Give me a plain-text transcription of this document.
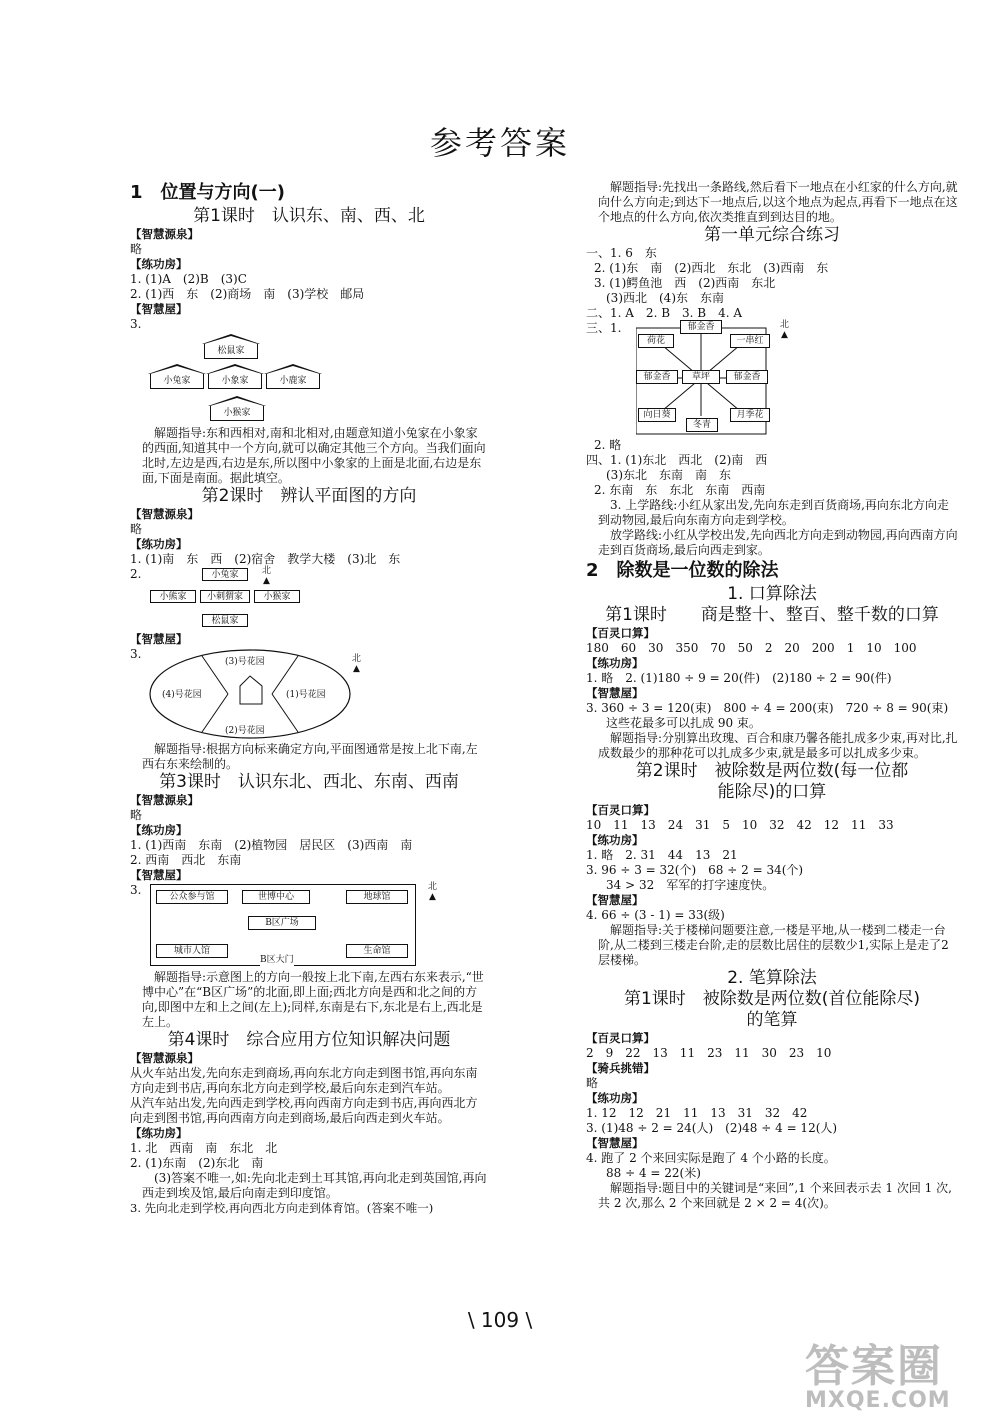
参考答案
1　位置与方向(一)
第1课时　认识东、南、西、北
【智慧源泉】
略
【练功房】
1. (1)A　(2)B　(3)C
2. (1)西　东　(2)商场　南　(3)学校　邮局
【智慧屋】
3.
松鼠家
小兔家	小象家	小鹿家
小猴家
解题指导:东和西相对,南和北相对,由题意知道小兔家在小象家的西面,知道其中一个方向,就可以确定其他三个方向。当我们面向北时,左边是西,右边是东,所以图中小象家的上面是北面,右边是东面,下面是南面。据此填空。
第2课时　辨认平面图的方向
【智慧源泉】
略
【练功房】
1. (1)南　东　西　(2)宿舍　教学大楼　(3)北　东
2.	小兔家	北
▲
小熊家	小刺猬家	小猴家
松鼠家
【智慧屋】
3.
(3)号花园
(4)号花园	(1)号花园
(2)号花园
北
▲
解题指导:根据方向标来确定方向,平面图通常是按上北下南,左西右东来绘制的。
第3课时　认识东北、西北、东南、西南
【智慧源泉】
略
【练功房】
1. (1)西南　东南　(2)植物园　居民区　(3)西南　南
2. 西南　西北　东南
【智慧屋】
3.	公众参与馆	世博中心	地球馆
B区广场
城市人馆
B区大门
生命馆
北
▲
解题指导:示意图上的方向一般按上北下南,左西右东来表示,“世博中心”在“B区广场”的北面,即上面;西北方向是西和北之间的方向,即图中左和上之间(左上);同样,东南是右下,东北是右上,西北是左上。
第4课时　综合应用方位知识解决问题
【智慧源泉】
从火车站出发,先向东走到商场,再向东北方向走到图书馆,再向东南方向走到书店,再向东北方向走到学校,最后向东走到汽车站。
从汽车站出发,先向西走到学校,再向西南方向走到书店,再向西北方向走到图书馆,再向西南方向走到商场,最后向西走到火车站。
【练功房】
1. 北　西南　南　东北　北
2. (1)东南　(2)东北　南
(3)答案不唯一,如:先向北走到土耳其馆,再向北走到英国馆,再向西走到埃及馆,最后向南走到印度馆。
3. 先向北走到学校,再向西北方向走到体育馆。(答案不唯一)
解题指导:先找出一条路线,然后看下一地点在小红家的什么方向,就向什么方向走;到达下一地点后,以这个地点为起点,再看下一地点在这个地点的什么方向,依次类推直到到达目的地。
第一单元综合练习
一、1. 6　东
2. (1)东　南　(2)西北　东北　(3)西南　东
3. (1)鳄鱼池　西　(2)西南　东北
(3)西北　(4)东　东南
二、1. A　2. B　3. B　4. A
三、1.	郁金香
荷花	一串红
郁金香	草坪	郁金香
向日葵
冬青
月季花
北
▲
2. 略
四、1. (1)东北　西北　(2)南　西
(3)东北　东南　南　东
2. 东南　东　东北　东南　西南
3. 上学路线:小红从家出发,先向东走到百货商场,再向东北方向走到动物园,最后向东南方向走到学校。
放学路线:小红从学校出发,先向西北方向走到动物园,再向西南方向走到百货商场,最后向西走到家。
2　除数是一位数的除法
1. 口算除法
第1课时　　商是整十、整百、整千数的口算
【百灵口算】
180　60　30　350　70　50　2　20　200　1　10　100
【练功房】
1. 略　2. (1)180 ÷ 9 = 20(件)　(2)180 ÷ 2 = 90(件)
【智慧屋】
3. 360 ÷ 3 = 120(束)　800 ÷ 4 = 200(束)　720 ÷ 8 = 90(束)
这些花最多可以扎成 90 束。
解题指导:分别算出玫瑰、百合和康乃馨各能扎成多少束,再对比,扎成数最少的那种花可以扎成多少束,就是最多可以扎成多少束。
第2课时　被除数是两位数(每一位都
能除尽)的口算
【百灵口算】
10　11　13　24　31　5　10　32　42　12　11　33
【练功房】
1. 略　2. 31　44　13　21
3. 96 ÷ 3 = 32(个)　68 ÷ 2 = 34(个)
34 > 32　军军的打字速度快。
【智慧屋】
4. 66 ÷ (3 - 1) = 33(级)
解题指导:关于楼梯问题要注意,一楼是平地,从一楼到二楼走一台阶,从二楼到三楼走台阶,走的层数比居住的层数少1,实际上是走了2层楼梯。
2. 笔算除法
第1课时　被除数是两位数(首位能除尽)
的笔算
【百灵口算】
2　9　22　13　11　23　11　30　23　10
【骑兵挑错】
略
【练功房】
1. 12　12　21　11　13　31　32　42
3. (1)48 ÷ 2 = 24(人)　(2)48 ÷ 4 = 12(人)
【智慧屋】
4. 跑了 2 个来回实际是跑了 4 个小路的长度。
88 ÷ 4 = 22(米)
解题指导:题目中的关键词是“来回”,1 个来回表示去 1 次回 1 次,共 2 次,那么 2 个来回就是 2 × 2 = 4(次)。
\ 109 \
答案圈
MXQE.COM
